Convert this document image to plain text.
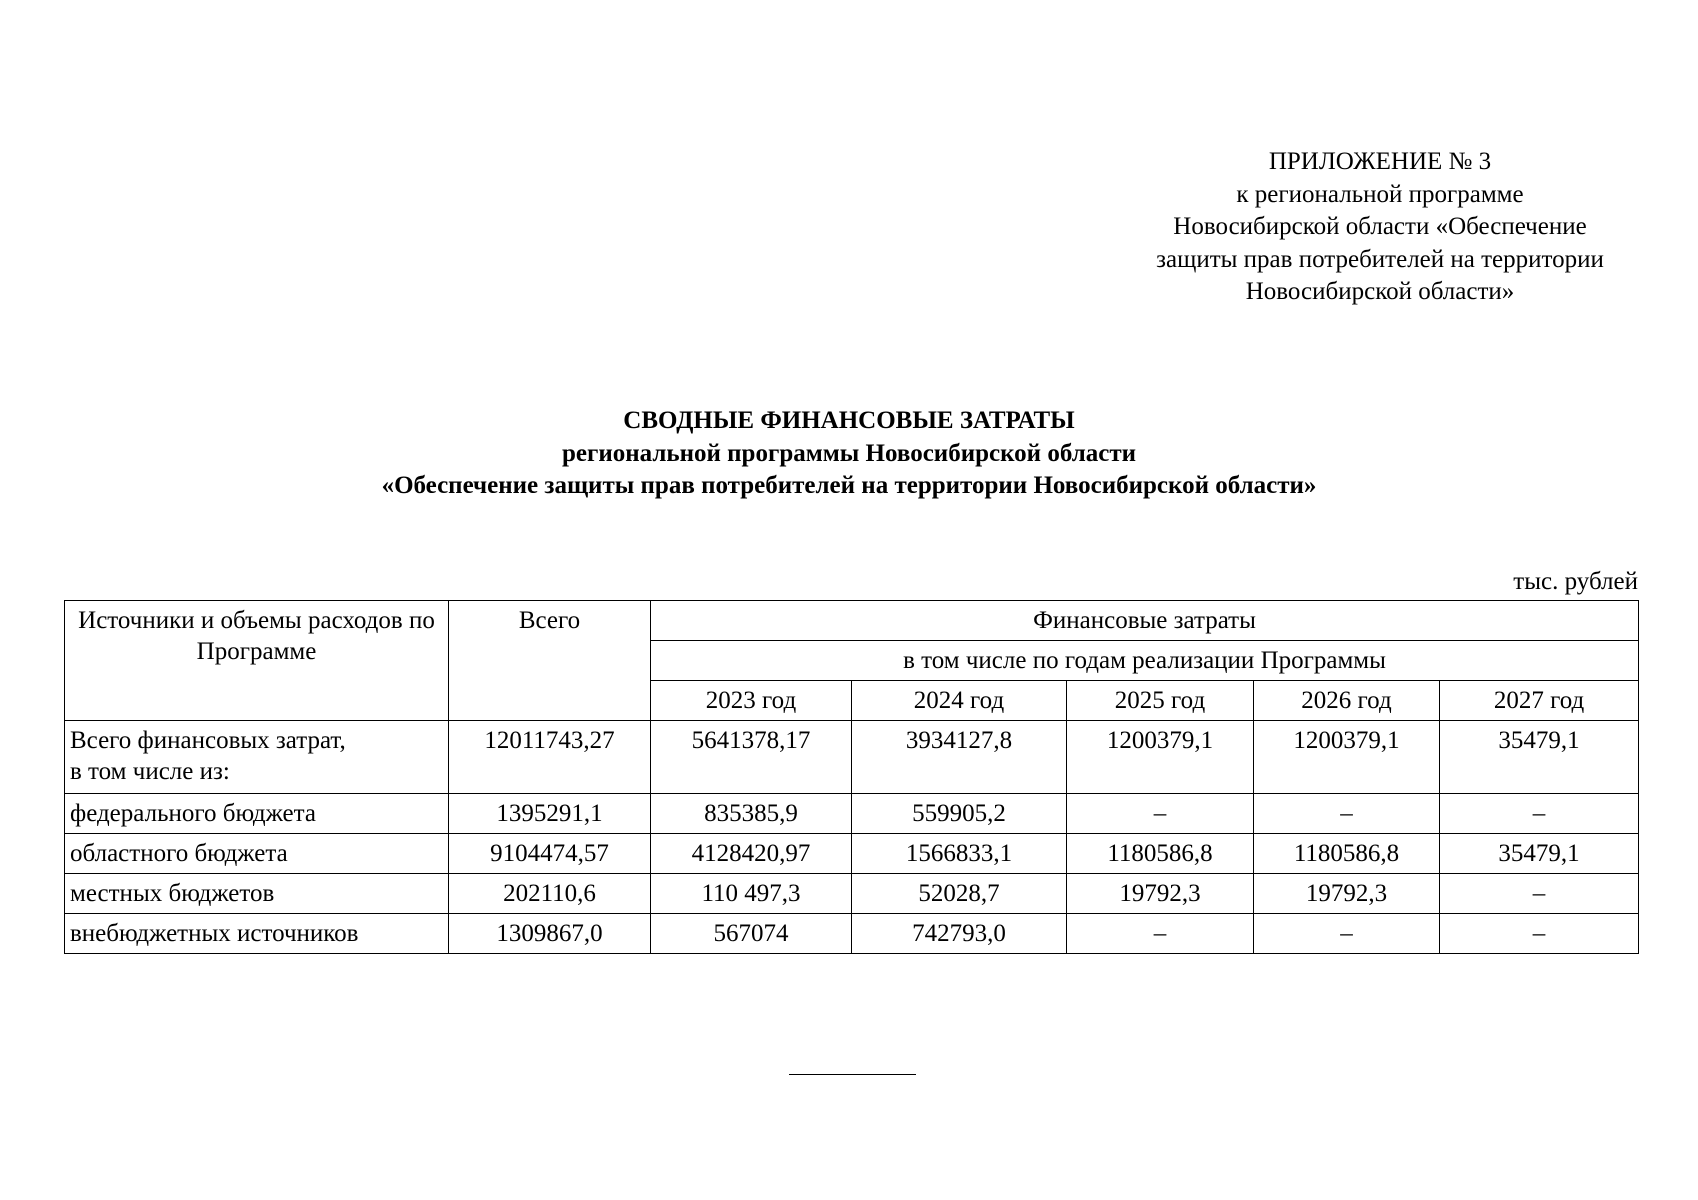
ПРИЛОЖЕНИЕ № 3
к региональной программе
Новосибирской области «Обеспечение
защиты прав потребителей на территории
Новосибирской области»
СВОДНЫЕ ФИНАНСОВЫЕ ЗАТРАТЫ
региональной программы Новосибирской области
«Обеспечение защиты прав потребителей на территории Новосибирской области»
тыс. рублей
Источники и объемы расходов по Программе	Всего	Финансовые затраты				
		в том числе по годам реализации Программы				
		2023 год	2024 год	2025 год	2026 год	2027 год
Всего финансовых затрат,
в том числе из:	12011743,27	5641378,17	3934127,8	1200379,1	1200379,1	35479,1
федерального бюджета	1395291,1	835385,9	559905,2	–	–	–
областного бюджета	9104474,57	4128420,97	1566833,1	1180586,8	1180586,8	35479,1
местных бюджетов	202110,6	110 497,3	52028,7	19792,3	19792,3	–
внебюджетных источников	1309867,0	567074	742793,0	–	–	–
